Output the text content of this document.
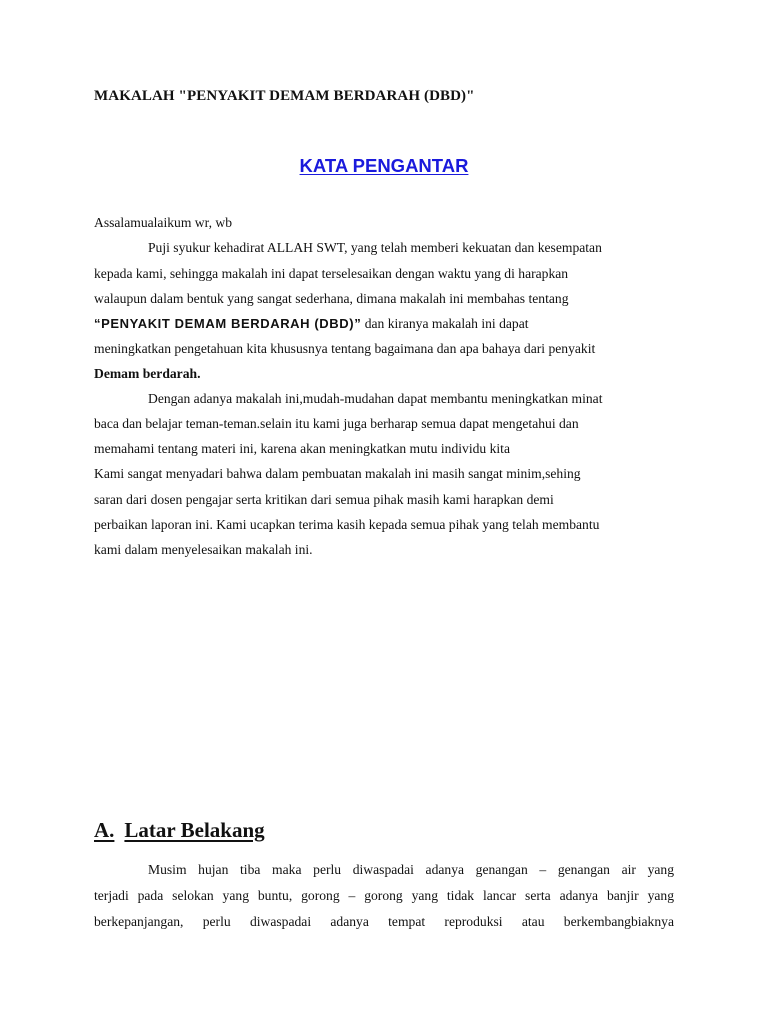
MAKALAH "PENYAKIT DEMAM BERDARAH (DBD)"
KATA PENGANTAR
Assalamualaikum wr, wb
Puji syukur kehadirat ALLAH SWT, yang telah memberi kekuatan dan kesempatan
kepada kami, sehingga makalah ini dapat terselesaikan dengan waktu yang di harapkan
walaupun dalam bentuk yang sangat sederhana, dimana makalah ini membahas tentang
“PENYAKIT DEMAM BERDARAH (DBD)” dan kiranya makalah ini dapat
meningkatkan pengetahuan kita khususnya tentang bagaimana dan apa bahaya dari penyakit
Demam berdarah.
Dengan adanya makalah ini,mudah-mudahan dapat membantu meningkatkan minat
baca dan belajar teman-teman.selain itu kami juga berharap semua dapat mengetahui dan
memahami tentang materi ini, karena akan meningkatkan mutu individu kita
Kami sangat menyadari bahwa dalam pembuatan makalah ini masih sangat minim,sehing
saran dari dosen pengajar serta kritikan dari semua pihak masih kami harapkan demi
perbaikan laporan ini. Kami ucapkan terima kasih kepada semua pihak yang telah membantu
kami dalam menyelesaikan makalah ini.
A. Latar Belakang
Musim hujan tiba maka perlu diwaspadai adanya genangan – genangan air yang
terjadi pada selokan yang buntu, gorong – gorong yang tidak lancar serta adanya banjir yang
berkepanjangan, perlu diwaspadai adanya tempat reproduksi atau berkembangbiaknya
